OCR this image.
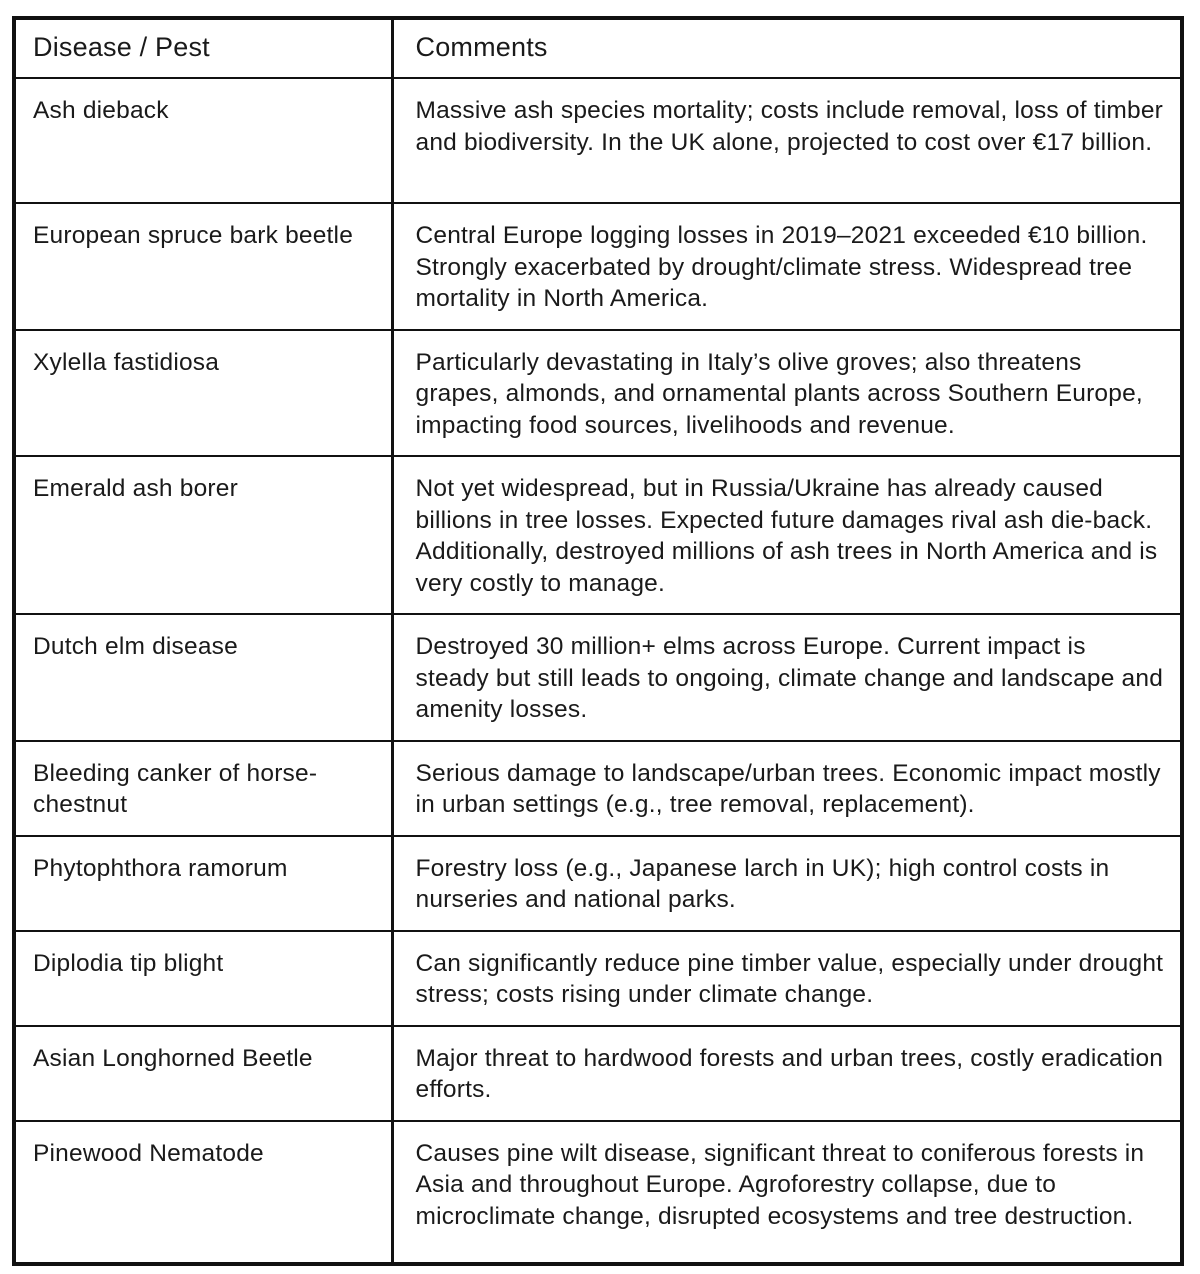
Disease / Pest	Comments
Ash dieback	Massive ash species mortality; costs include removal, loss of timber and biodiversity. In the UK alone, projected to cost over €17 billion.
European spruce bark beetle	Central Europe logging losses in 2019–2021 exceeded €10 billion. Strongly exacerbated by drought/climate stress. Widespread tree mortality in North America.
Xylella fastidiosa	Particularly devastating in Italy’s olive groves; also threatens grapes, almonds, and ornamental plants across Southern Europe, impacting food sources, livelihoods and revenue.
Emerald ash borer	Not yet widespread, but in Russia/Ukraine has already caused billions in tree losses. Expected future damages rival ash die-back. Additionally, destroyed millions of ash trees in North America and is very costly to manage.
Dutch elm disease	Destroyed 30 million+ elms across Europe. Current impact is steady but still leads to ongoing, climate change and landscape and amenity losses.
Bleeding canker of horse-chestnut	Serious damage to landscape/urban trees. Economic impact mostly in urban settings (e.g., tree removal, replacement).
Phytophthora ramorum	Forestry loss (e.g., Japanese larch in UK); high control costs in nurseries and national parks.
Diplodia tip blight	Can significantly reduce pine timber value, especially under drought stress; costs rising under climate change.
Asian Longhorned Beetle	Major threat to hardwood forests and urban trees, costly eradication efforts.
Pinewood Nematode	Causes pine wilt disease, significant threat to coniferous forests in Asia and throughout Europe. Agroforestry collapse, due to microclimate change, disrupted ecosystems and tree destruction.
